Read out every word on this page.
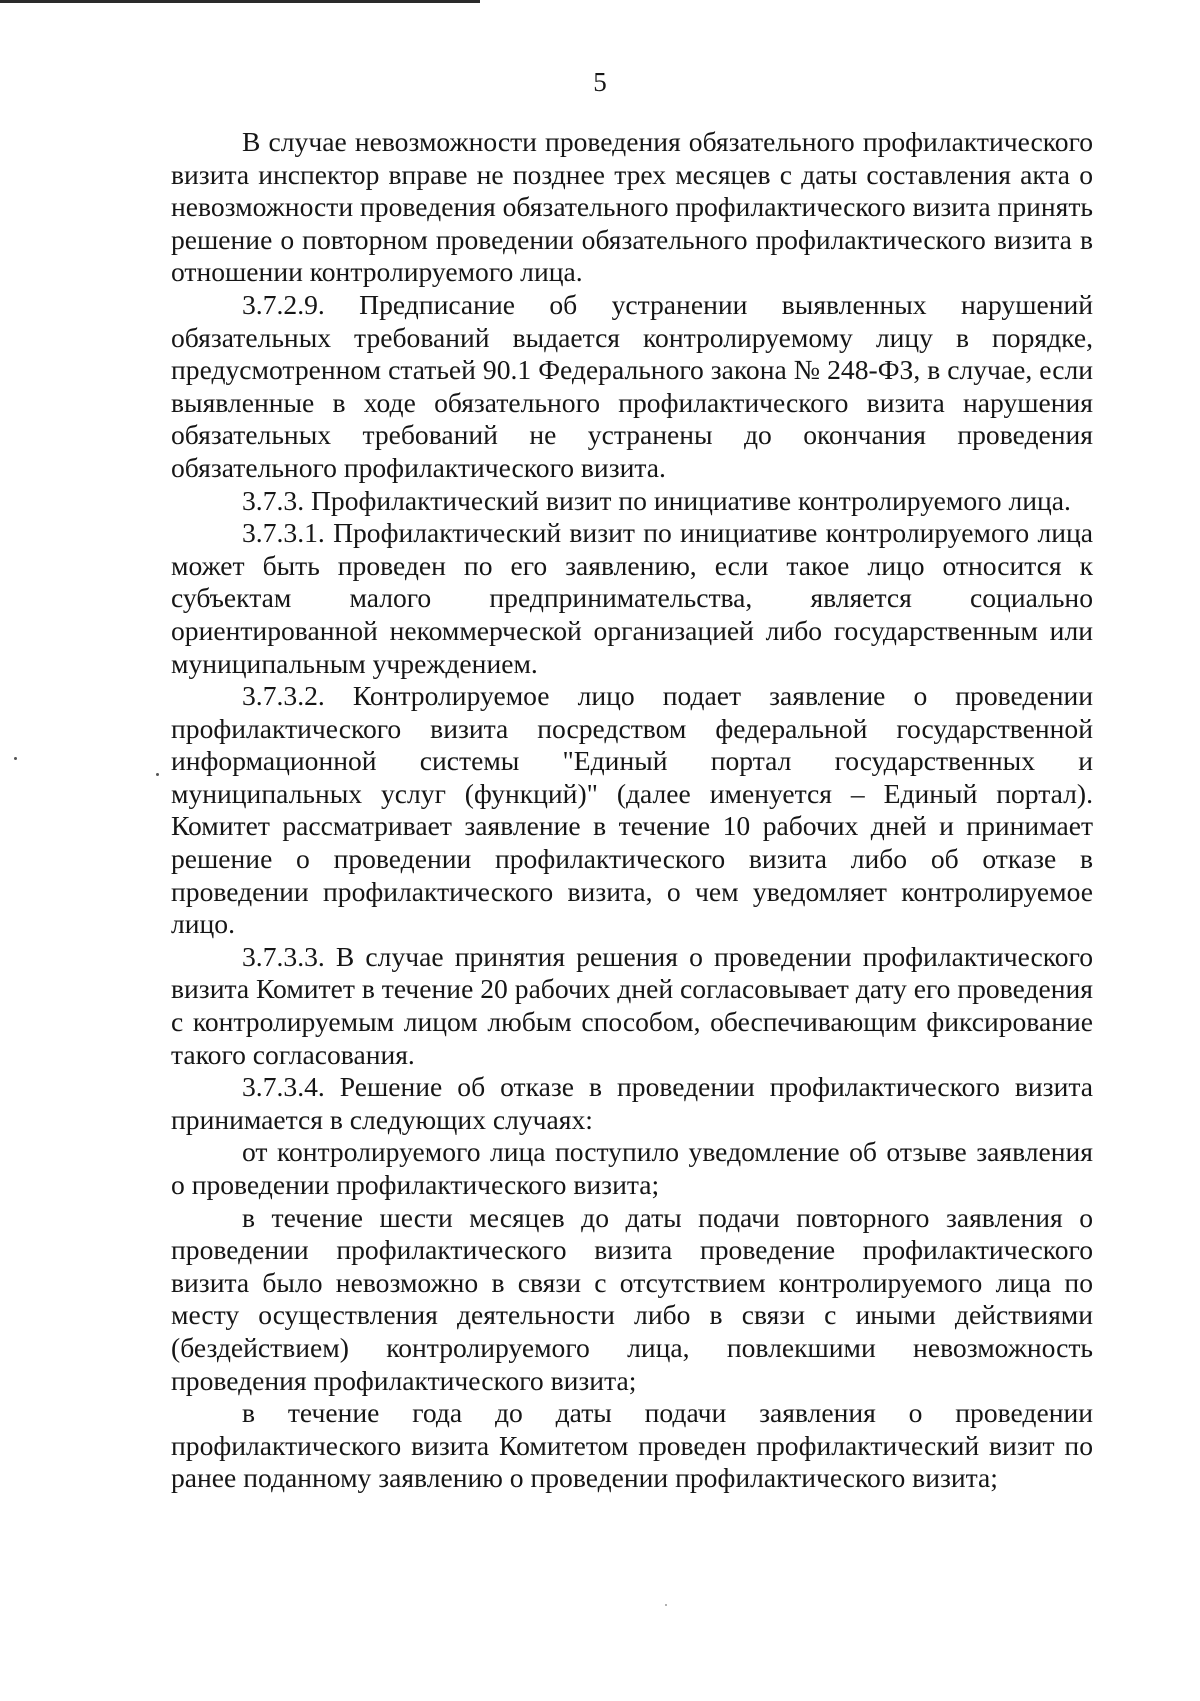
5

В случае невозможности проведения обязательного профилактического визита инспектор вправе не позднее трех месяцев с даты составления акта о невозможности проведения обязательного профилактического визита принять решение о повторном проведении обязательного профилактического визита в отношении контролируемого лица.

3.7.2.9. Предписание об устранении выявленных нарушений обязательных требований выдается контролируемому лицу в порядке, предусмотренном статьей 90.1 Федерального закона № 248-ФЗ, в случае, если выявленные в ходе обязательного профилактического визита нарушения обязательных требований не устранены до окончания проведения обязательного профилактического визита.

3.7.3. Профилактический визит по инициативе контролируемого лица.

3.7.3.1. Профилактический визит по инициативе контролируемого лица может быть проведен по его заявлению, если такое лицо относится к субъектам малого предпринимательства, является социально ориентированной некоммерческой организацией либо государственным или муниципальным учреждением.

3.7.3.2. Контролируемое лицо подает заявление о проведении профилактического визита посредством федеральной государственной информационной системы "Единый портал государственных и муниципальных услуг (функций)" (далее именуется – Единый портал). Комитет рассматривает заявление в течение 10 рабочих дней и принимает решение о проведении профилактического визита либо об отказе в проведении профилактического визита, о чем уведомляет контролируемое лицо.

3.7.3.3. В случае принятия решения о проведении профилактического визита Комитет в течение 20 рабочих дней согласовывает дату его проведения с контролируемым лицом любым способом, обеспечивающим фиксирование такого согласования.

3.7.3.4. Решение об отказе в проведении профилактического визита принимается в следующих случаях:

от контролируемого лица поступило уведомление об отзыве заявления о проведении профилактического визита;

в течение шести месяцев до даты подачи повторного заявления о проведении профилактического визита проведение профилактического визита было невозможно в связи с отсутствием контролируемого лица по месту осуществления деятельности либо в связи с иными действиями (бездействием) контролируемого лица, повлекшими невозможность проведения профилактического визита;

в течение года до даты подачи заявления о проведении профилактического визита Комитетом проведен профилактический визит по ранее поданному заявлению о проведении профилактического визита;
